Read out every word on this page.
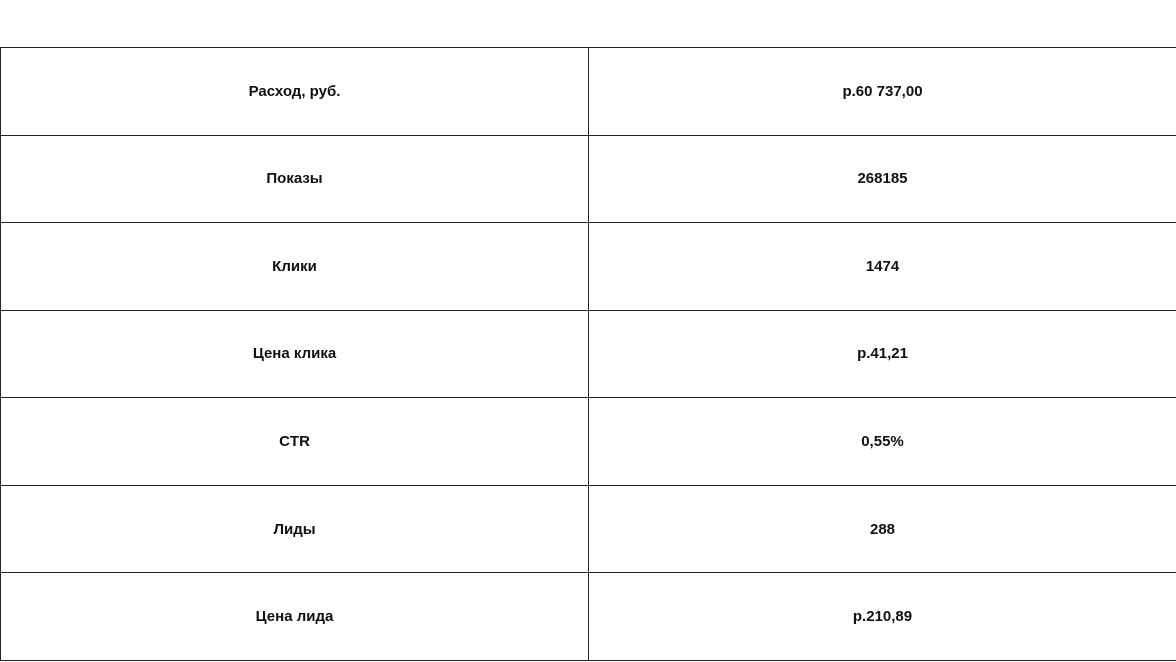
Расход, руб.	р.60 737,00
Показы	268185
Клики	1474
Цена клика	р.41,21
CTR	0,55%
Лиды	288
Цена лида	р.210,89
